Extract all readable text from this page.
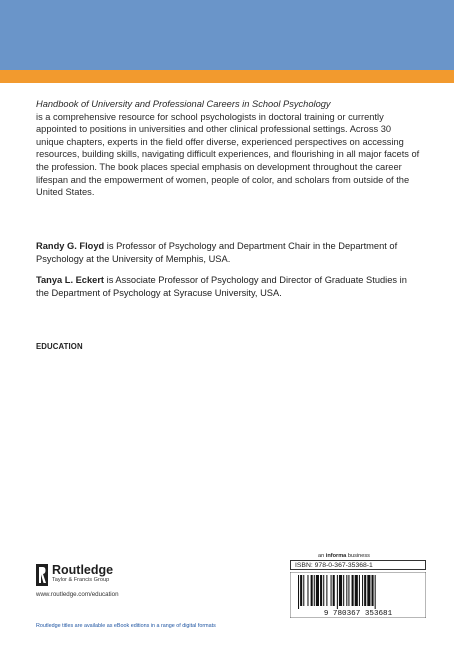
Handbook of University and Professional Careers in School Psychology
is a comprehensive resource for school psychologists in doctoral training or currently appointed to positions in universities and other clinical professional settings. Across 30 unique chapters, experts in the field offer diverse, experienced perspectives on accessing resources, building skills, navigating difficult experiences, and flourishing in all major facets of the profession. The book places special emphasis on development throughout the career lifespan and the empowerment of women, people of color, and scholars from outside of the United States.
Randy G. Floyd is Professor of Psychology and Department Chair in the Department of Psychology at the University of Memphis, USA.
Tanya L. Eckert is Associate Professor of Psychology and Director of Graduate Studies in the Department of Psychology at Syracuse University, USA.
EDUCATION
Routledge
Taylor & Francis Group
www.routledge.com/education
Routledge titles are available as eBook editions in a range of digital formats
an informa business
ISBN: 978-0-367-35368-1
9 780367 353681
